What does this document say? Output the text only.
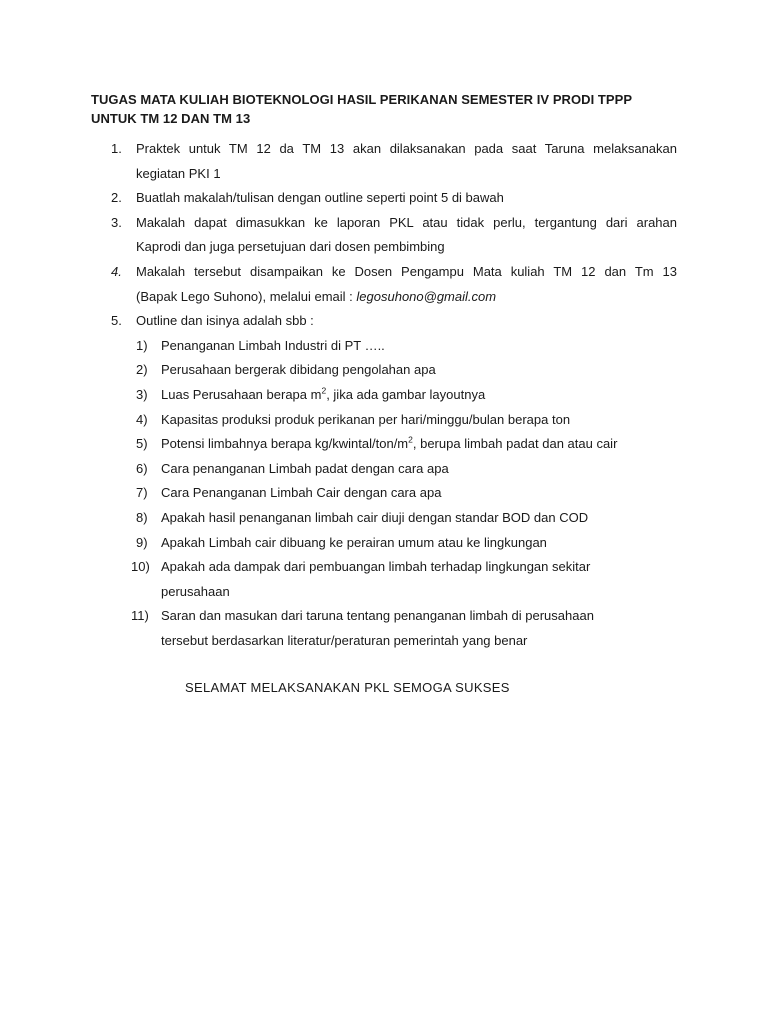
TUGAS MATA KULIAH BIOTEKNOLOGI HASIL PERIKANAN SEMESTER IV PRODI TPPP
UNTUK TM 12 DAN TM 13
1. Praktek untuk TM 12 da TM 13 akan dilaksanakan pada saat Taruna melaksanakan
kegiatan PKI 1
2. Buatlah makalah/tulisan dengan outline seperti point 5 di bawah
3. Makalah dapat dimasukkan ke laporan PKL atau tidak perlu, tergantung dari arahan
Kaprodi dan juga persetujuan dari dosen pembimbing
4. Makalah tersebut disampaikan ke Dosen Pengampu Mata kuliah TM 12 dan Tm 13
(Bapak Lego Suhono), melalui email : legosuhono@gmail.com
5. Outline dan isinya adalah sbb :
1) Penanganan Limbah Industri di PT …..
2) Perusahaan bergerak dibidang pengolahan apa
3) Luas Perusahaan berapa $m^2$, jika ada gambar layoutnya
4) Kapasitas produksi produk perikanan per hari/minggu/bulan berapa ton
5) Potensi limbahnya berapa $kg/kwintal/ton/m^2$, berupa limbah padat dan atau cair
6) Cara penanganan Limbah padat dengan cara apa
7) Cara Penanganan Limbah Cair dengan cara apa
8) Apakah hasil penanganan limbah cair diuji dengan standar BOD dan COD
9) Apakah Limbah cair dibuang ke perairan umum atau ke lingkungan
10) Apakah ada dampak dari pembuangan limbah terhadap lingkungan sekitar
perusahaan
11) Saran dan masukan dari taruna tentang penanganan limbah di perusahaan
tersebut berdasarkan literatur/peraturan pemerintah yang benar
SELAMAT MELAKSANAKAN PKL SEMOGA SUKSES
